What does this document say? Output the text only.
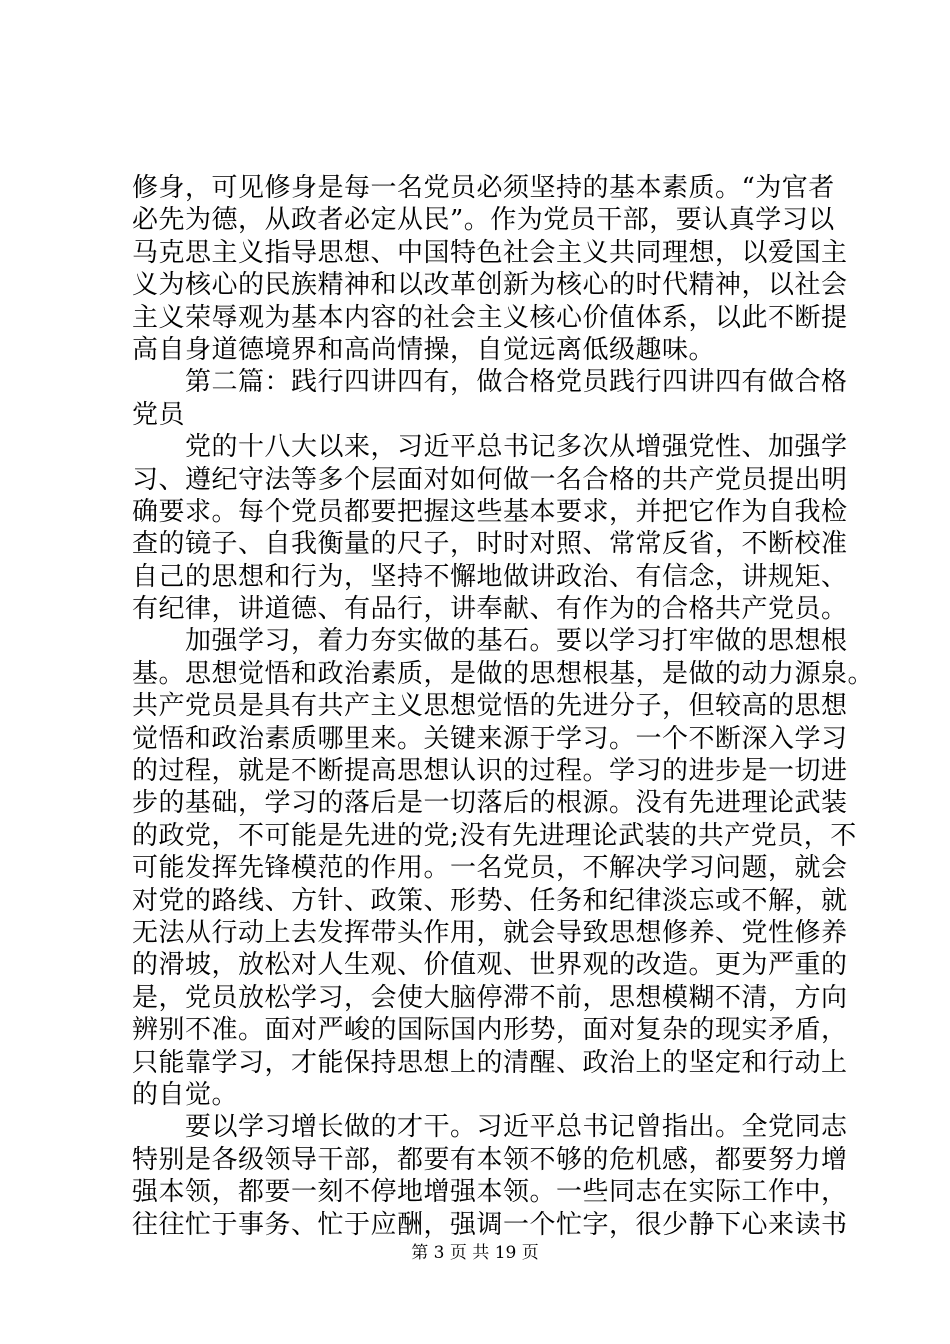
修身，可见修身是每一名党员必须坚持的基本素质。“为官者
必先为德，从政者必定从民”。作为党员干部，要认真学习以
马克思主义指导思想、中国特色社会主义共同理想，以爱国主
义为核心的民族精神和以改革创新为核心的时代精神，以社会
主义荣辱观为基本内容的社会主义核心价值体系，以此不断提
高自身道德境界和高尚情操，自觉远离低级趣味。
　　第二篇：践行四讲四有，做合格党员践行四讲四有做合格
党员
　　党的十八大以来，习近平总书记多次从增强党性、加强学
习、遵纪守法等多个层面对如何做一名合格的共产党员提出明
确要求。每个党员都要把握这些基本要求，并把它作为自我检
查的镜子、自我衡量的尺子，时时对照、常常反省，不断校准
自己的思想和行为，坚持不懈地做讲政治、有信念，讲规矩、
有纪律，讲道德、有品行，讲奉献、有作为的合格共产党员。
　　加强学习，着力夯实做的基石。要以学习打牢做的思想根
基。思想觉悟和政治素质，是做的思想根基，是做的动力源泉。
共产党员是具有共产主义思想觉悟的先进分子，但较高的思想
觉悟和政治素质哪里来。关键来源于学习。一个不断深入学习
的过程，就是不断提高思想认识的过程。学习的进步是一切进
步的基础，学习的落后是一切落后的根源。没有先进理论武装
的政党，不可能是先进的党;没有先进理论武装的共产党员，不
可能发挥先锋模范的作用。一名党员，不解决学习问题，就会
对党的路线、方针、政策、形势、任务和纪律淡忘或不解，就
无法从行动上去发挥带头作用，就会导致思想修养、党性修养
的滑坡，放松对人生观、价值观、世界观的改造。更为严重的
是，党员放松学习，会使大脑停滞不前，思想模糊不清，方向
辨别不准。面对严峻的国际国内形势，面对复杂的现实矛盾，
只能靠学习，才能保持思想上的清醒、政治上的坚定和行动上
的自觉。
　　要以学习增长做的才干。习近平总书记曾指出。全党同志
特别是各级领导干部，都要有本领不够的危机感，都要努力增
强本领，都要一刻不停地增强本领。一些同志在实际工作中，
往往忙于事务、忙于应酬，强调一个忙字，很少静下心来读书
第 3 页 共 19 页
